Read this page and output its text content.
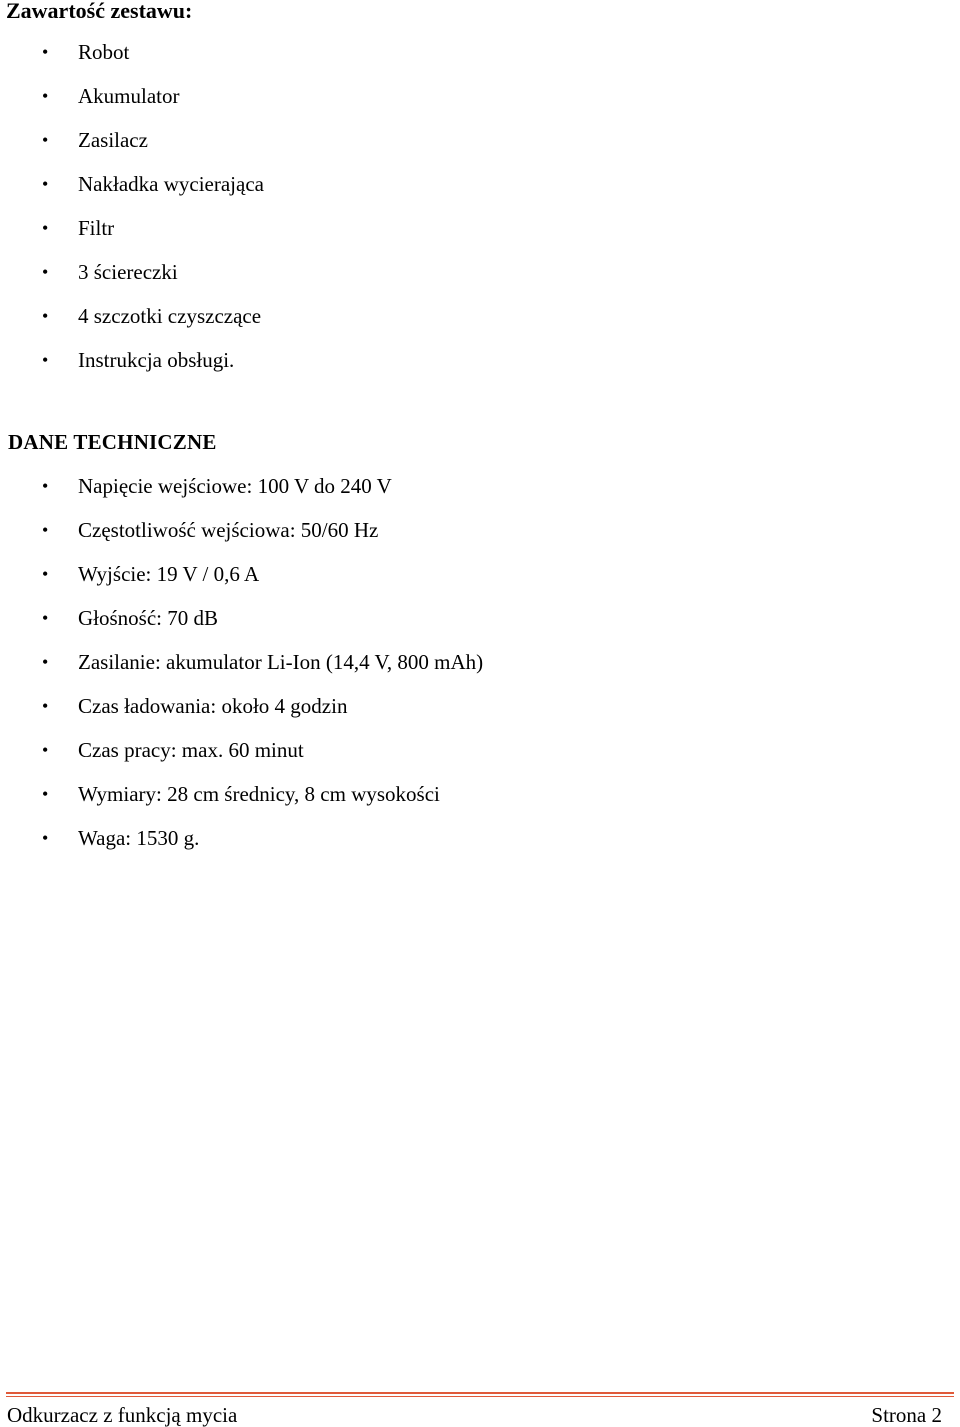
Zawartość zestawu:
• Robot
• Akumulator
• Zasilacz
• Nakładka wycierająca
• Filtr
• 3 ściereczki
• 4 szczotki czyszczące
• Instrukcja obsługi.
DANE TECHNICZNE
• Napięcie wejściowe: 100 V do 240 V
• Częstotliwość wejściowa: 50/60 Hz
• Wyjście: 19 V / 0,6 A
• Głośność: 70 dB
• Zasilanie: akumulator Li-Ion (14,4 V, 800 mAh)
• Czas ładowania: około 4 godzin
• Czas pracy: max. 60 minut
• Wymiary: 28 cm średnicy, 8 cm wysokości
• Waga: 1530 g.
Odkurzacz z funkcją mycia	Strona 2
